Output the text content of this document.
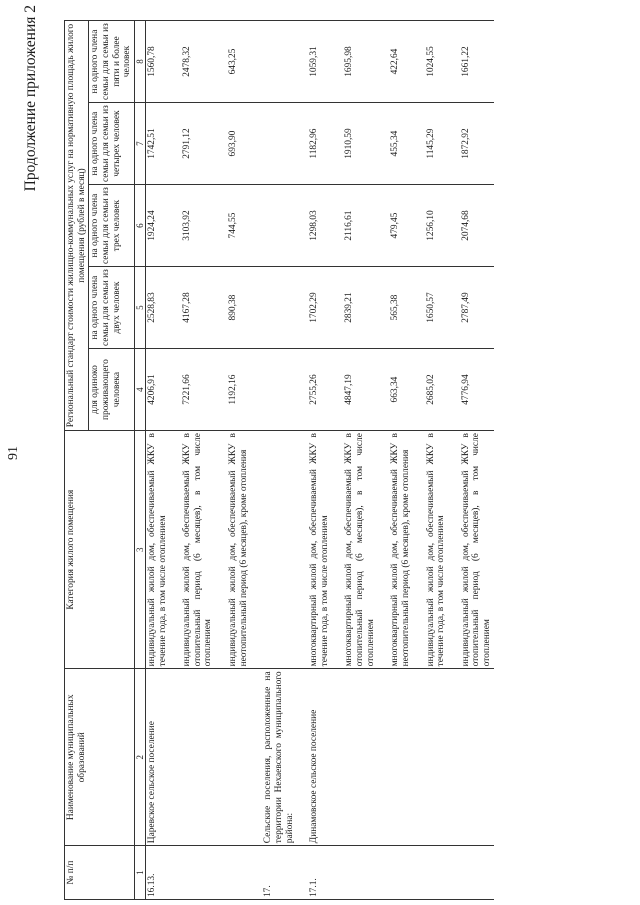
91
Продолжение приложения 2
№ п/п	Наименование муниципальных образований	Категория жилого помещения	Региональный стандарт стоимости жилищно-коммунальных услуг на нормативную площадь жилого помещения (рублей в месяц)				
			для одиноко проживающего человека	на одного члена семьи для семьи из двух человек	на одного члена семьи для семьи из трех человек	на одного члена семьи для семьи из четырех человек	на одного члена семьи для семьи из пяти и более человек
1	2	3	4	5	6	7	8
16.13.	Царевское сельское поселение	индивидуальный жилой дом, обеспечиваемый ЖКУ в течение года, в том числе отоплением	4206,91	2528,83	1924,24	1742,51	1560,78

		индивидуальный жилой дом, обеспечиваемый ЖКУ в отопительный период (6 месяцев), в том числе отоплением	7221,66	4167,28	3103,92	2791,12	2478,32

		индивидуальный жилой дом, обеспечиваемый ЖКУ в неотопительный период (6 месяцев), кроме отопления	1192,16	890,38	744,55	693,90	643,25

17.	Сельские поселения, расположенные на территории Нехаевского муниципального района:						

17.1.	Динамовское сельское поселение	многоквартирный жилой дом, обеспечиваемый ЖКУ в течение года, в том числе отоплением	2755,26	1702,29	1298,03	1182,96	1059,31

		многоквартирный жилой дом, обеспечиваемый ЖКУ в отопительный период (6 месяцев), в том числе отоплением	4847,19	2839,21	2116,61	1910,59	1695,98

		многоквартирный жилой дом, обеспечиваемый ЖКУ в неотопительный период (6 месяцев), кроме отопления	663,34	565,38	479,45	455,34	422,64

		индивидуальный жилой дом, обеспечиваемый ЖКУ в течение года, в том числе отоплением	2685,02	1650,57	1256,10	1145,29	1024,55

		индивидуальный жилой дом, обеспечиваемый ЖКУ в отопительный период (6 месяцев), в том числе отоплением	4776,94	2787,49	2074,68	1872,92	1661,22
